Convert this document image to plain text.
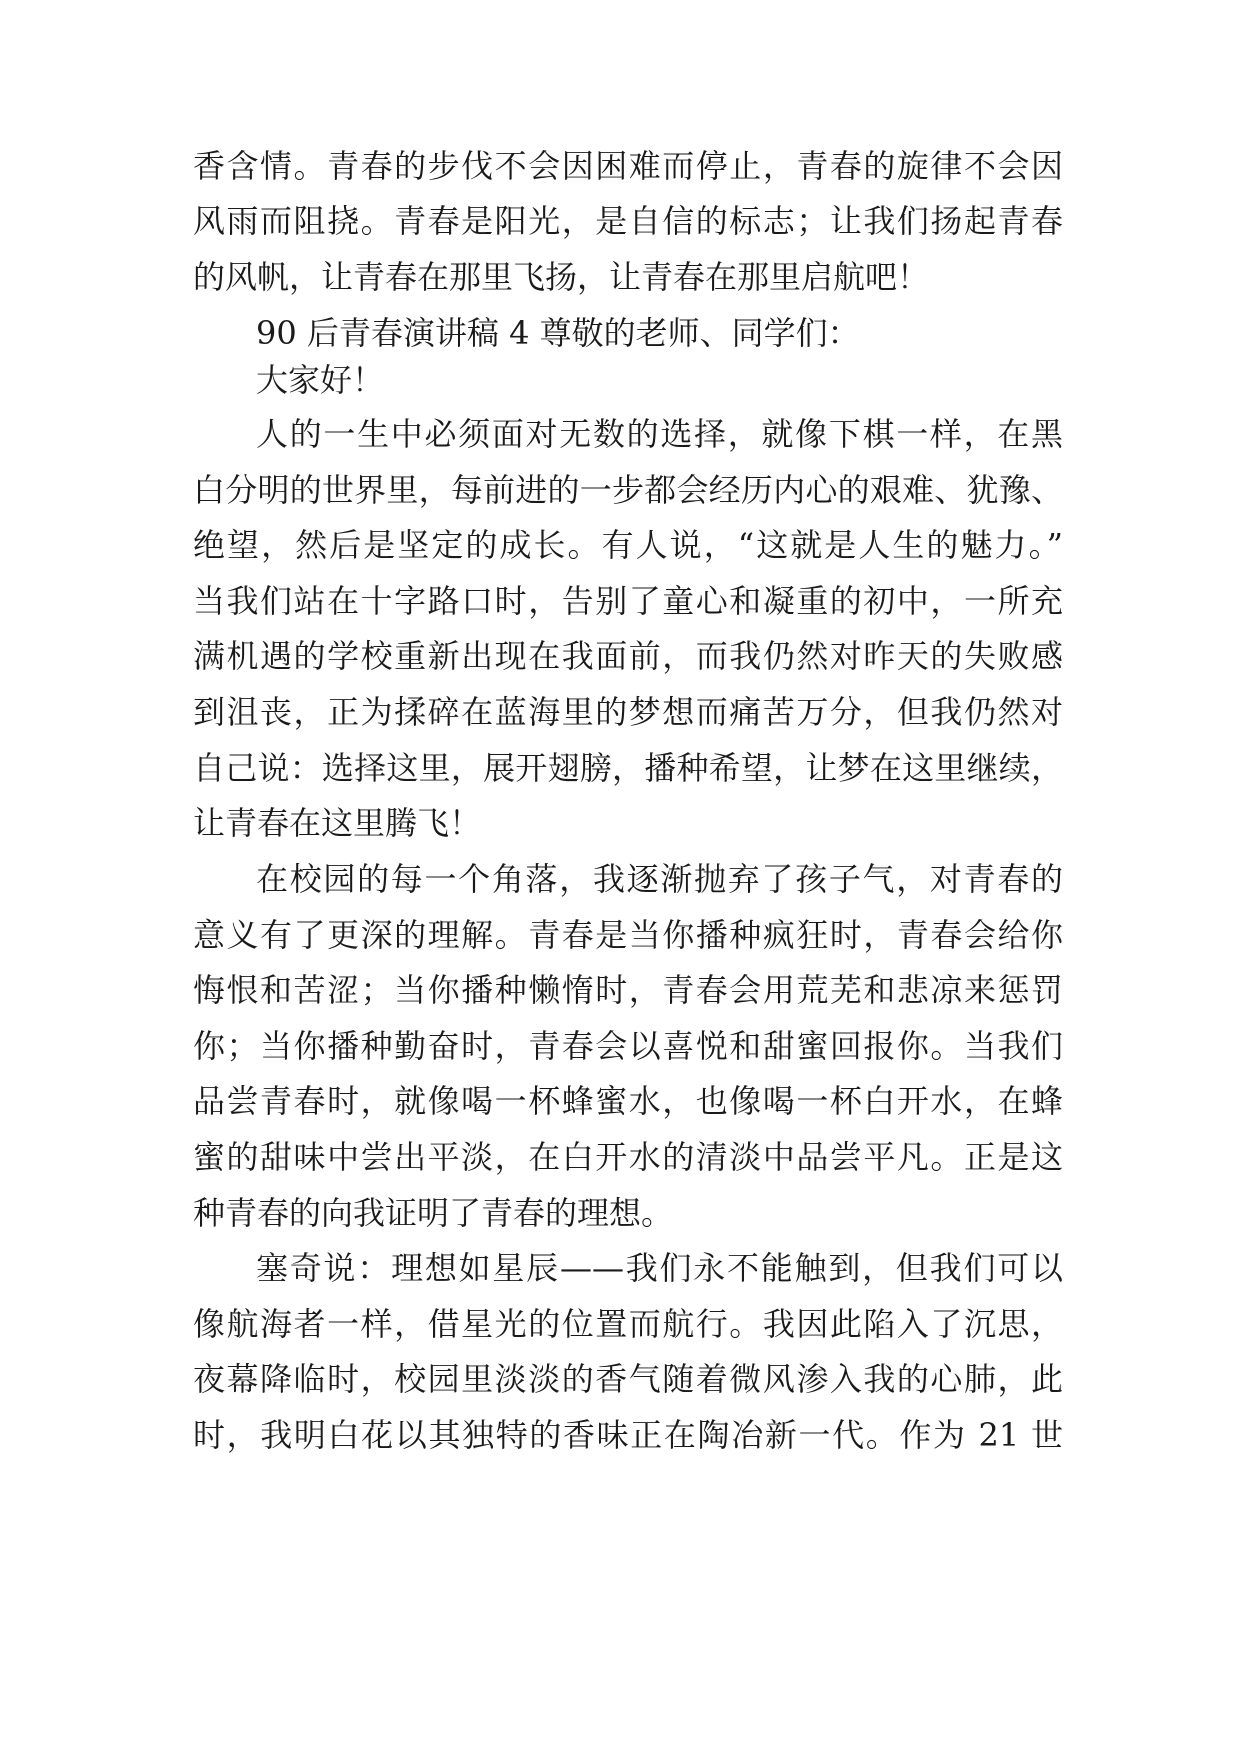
香含情。青春的步伐不会因困难而停止，青春的旋律不会因
风雨而阻挠。青春是阳光，是自信的标志；让我们扬起青春
的风帆，让青春在那里飞扬，让青春在那里启航吧！
90 后青春演讲稿 4 尊敬的老师、同学们：
大家好！
人的一生中必须面对无数的选择，就像下棋一样，在黑
白分明的世界里，每前进的一步都会经历内心的艰难、犹豫、
绝望，然后是坚定的成长。有人说，“这就是人生的魅力。”
当我们站在十字路口时，告别了童心和凝重的初中，一所充
满机遇的学校重新出现在我面前，而我仍然对昨天的失败感
到沮丧，正为揉碎在蓝海里的梦想而痛苦万分，但我仍然对
自己说：选择这里，展开翅膀，播种希望，让梦在这里继续，
让青春在这里腾飞！
在校园的每一个角落，我逐渐抛弃了孩子气，对青春的
意义有了更深的理解。青春是当你播种疯狂时，青春会给你
悔恨和苦涩；当你播种懒惰时，青春会用荒芜和悲凉来惩罚
你；当你播种勤奋时，青春会以喜悦和甜蜜回报你。当我们
品尝青春时，就像喝一杯蜂蜜水，也像喝一杯白开水，在蜂
蜜的甜味中尝出平淡，在白开水的清淡中品尝平凡。正是这
种青春的向我证明了青春的理想。
塞奇说：理想如星辰——我们永不能触到，但我们可以
像航海者一样，借星光的位置而航行。我因此陷入了沉思，
夜幕降临时，校园里淡淡的香气随着微风渗入我的心肺，此
时，我明白花以其独特的香味正在陶冶新一代。作为 21 世
